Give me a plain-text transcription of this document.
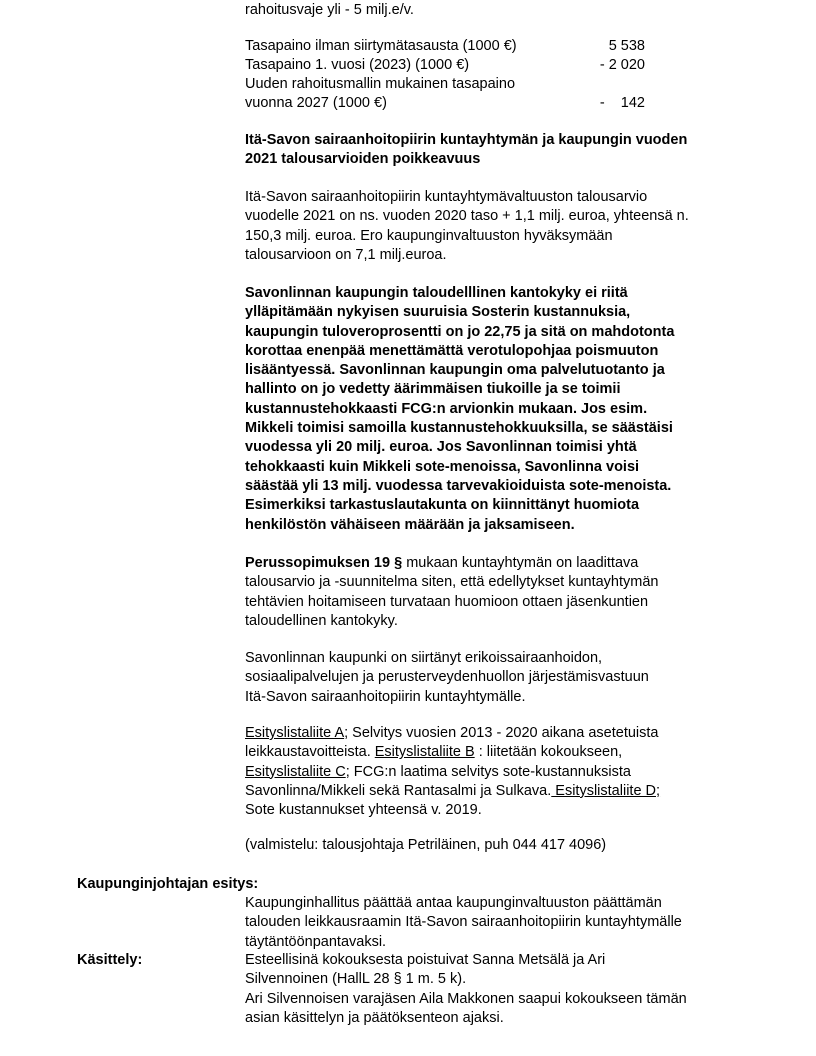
rahoitusvaje yli - 5 milj.e/v.
Tasapaino ilman siirtymätasausta (1000 €)	5 538
Tasapaino 1. vuosi (2023) (1000 €)	- 2 020
Uuden rahoitusmallin mukainen tasapaino
vuonna 2027 (1000 €)	-    142
Itä-Savon sairaanhoitopiirin kuntayhtymän ja kaupungin vuoden
2021 talousarvioiden poikkeavuus
Itä-Savon sairaanhoitopiirin kuntayhtymävaltuuston talousarvio
vuodelle 2021 on ns. vuoden 2020 taso + 1,1 milj. euroa, yhteensä n.
150,3 milj. euroa. Ero kaupunginvaltuuston hyväksymään
talousarvioon on 7,1 milj.euroa.
Savonlinnan kaupungin taloudelllinen kantokyky ei riitä
ylläpitämään nykyisen suuruisia Sosterin kustannuksia,
kaupungin tuloveroprosentti on jo 22,75 ja sitä on mahdotonta
korottaa enenpää menettämättä verotulopohjaa poismuuton
lisääntyessä. Savonlinnan kaupungin oma palvelutuotanto ja
hallinto on jo vedetty äärimmäisen tiukoille ja se toimii
kustannustehokkaasti FCG:n arvionkin mukaan. Jos esim.
Mikkeli toimisi samoilla kustannustehokkuuksilla, se säästäisi
vuodessa yli 20 milj. euroa. Jos Savonlinnan toimisi yhtä
tehokkaasti kuin Mikkeli sote-menoissa, Savonlinna voisi
säästää yli 13 milj. vuodessa tarvevakioiduista sote-menoista.
Esimerkiksi tarkastuslautakunta on kiinnittänyt huomiota
henkilöstön vähäiseen määrään ja jaksamiseen.
Perussopimuksen 19 § mukaan kuntayhtymän on laadittava
talousarvio ja -suunnitelma siten, että edellytykset kuntayhtymän
tehtävien hoitamiseen turvataan huomioon ottaen jäsenkuntien
taloudellinen kantokyky.
Savonlinnan kaupunki on siirtänyt erikoissairaanhoidon,
sosiaalipalvelujen ja perusterveydenhuollon järjestämisvastuun
Itä-Savon sairaanhoitopiirin kuntayhtymälle.
Esityslistaliite A; Selvitys vuosien 2013 - 2020 aikana asetetuista
leikkaustavoitteista. Esityslistaliite B : liitetään kokoukseen,
Esityslistaliite C; FCG:n laatima selvitys sote-kustannuksista
Savonlinna/Mikkeli sekä Rantasalmi ja Sulkava. Esityslistaliite D;
Sote kustannukset yhteensä v. 2019.
(valmistelu: talousjohtaja Petriläinen, puh 044 417 4096)
Kaupunginjohtajan esitys:
Kaupunginhallitus päättää antaa kaupunginvaltuuston päättämän
talouden leikkausraamin Itä-Savon sairaanhoitopiirin kuntayhtymälle
täytäntöönpantavaksi.
Käsittely:	Esteellisinä kokouksesta poistuivat Sanna Metsälä ja Ari
Silvennoinen (HallL 28 § 1 m. 5 k).
Ari Silvennoisen varajäsen Aila Makkonen saapui kokoukseen tämän
asian käsittelyn ja päätöksenteon ajaksi.
